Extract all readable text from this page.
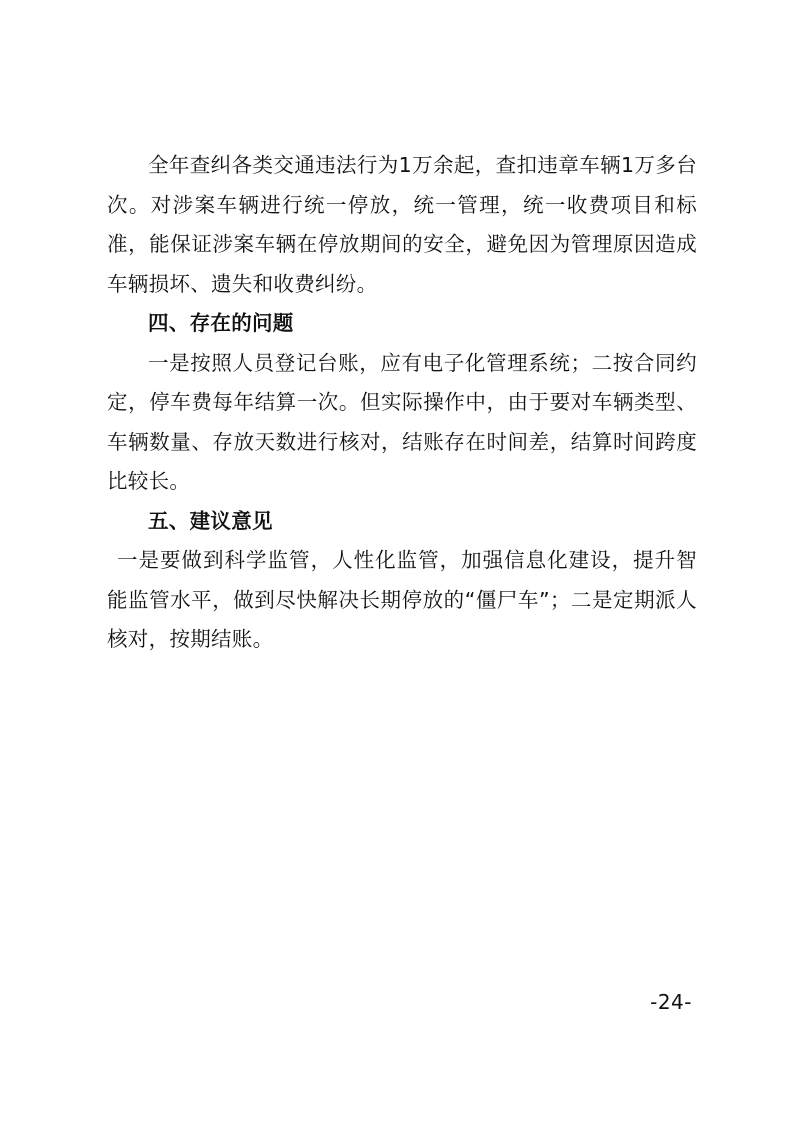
全年查纠各类交通违法行为1万余起，查扣违章车辆1万多台次。对涉案车辆进行统一停放，统一管理，统一收费项目和标准，能保证涉案车辆在停放期间的安全，避免因为管理原因造成车辆损坏、遗失和收费纠纷。

四、存在的问题

一是按照人员登记台账，应有电子化管理系统；二按合同约定，停车费每年结算一次。但实际操作中，由于要对车辆类型、车辆数量、存放天数进行核对，结账存在时间差，结算时间跨度比较长。

五、建议意见

一是要做到科学监管，人性化监管，加强信息化建设，提升智能监管水平，做到尽快解决长期停放的“僵尸车”；二是定期派人核对，按期结账。

-24-
